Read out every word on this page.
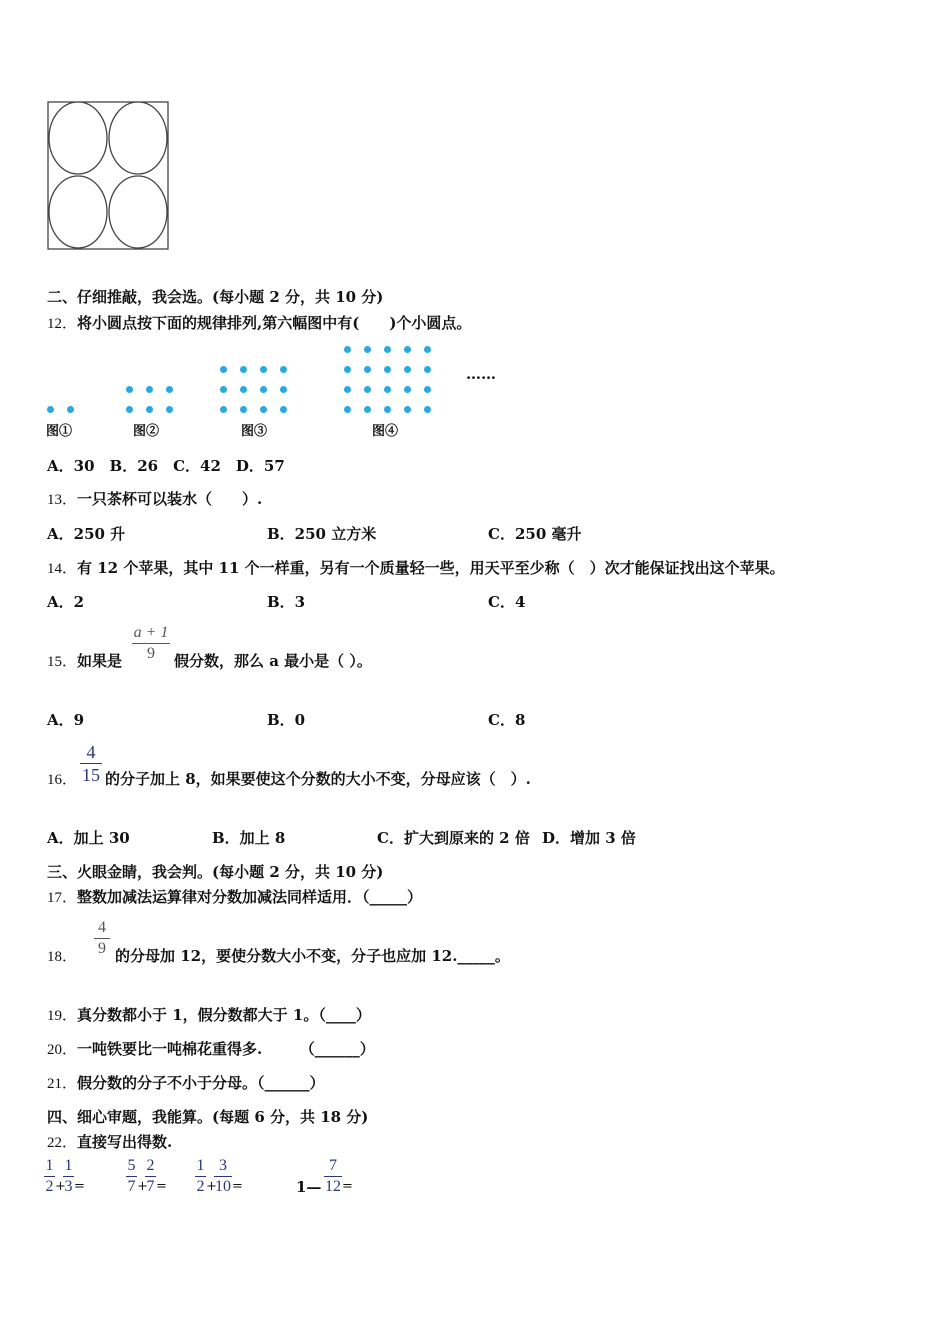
二、仔细推敲，我会选。(每小题 2 分，共 10 分)
12．将小圆点按下面的规律排列,第六幅图中有(　　)个小圆点。
图①	图②	图③	图④
……
A．30　B．26　C．42　D．57
13．一只茶杯可以装水（　　）.
A．250 升	B．250 立方米	C．250 毫升
14．有 12 个苹果，其中 11 个一样重，另有一个质量轻一些，用天平至少称（　）次才能保证找出这个苹果。
A．2	B．3	C．4
15．如果是
a + 1
9	假分数，那么 a 最小是（ ）。
A．9	B．0	C．8
16．
4
15 的分子加上 8，如果要使这个分数的大小不变，分母应该（　）.
A．加上 30	B．加上 8	C．扩大到原来的 2 倍 D．增加 3 倍
三、火眼金睛，我会判。(每小题 2 分，共 10 分)
17．整数加减法运算律对分数加减法同样适用．（_____）
18．
4
9 的分母加 12，要使分数大小不变，分子也应加 12._____。
19．真分数都小于 1，假分数都大于 1。（____）
20．一吨铁要比一吨棉花重得多.　　　（______）
21．假分数的分子不小于分母。（______）
四、细心审题，我能算。(每题 6 分，共 18 分)
22．直接写出得数.
1
2 +
1
3 =
5
7 +
2
7 =
1
2 +
3
10 =	1—
7
12 =
